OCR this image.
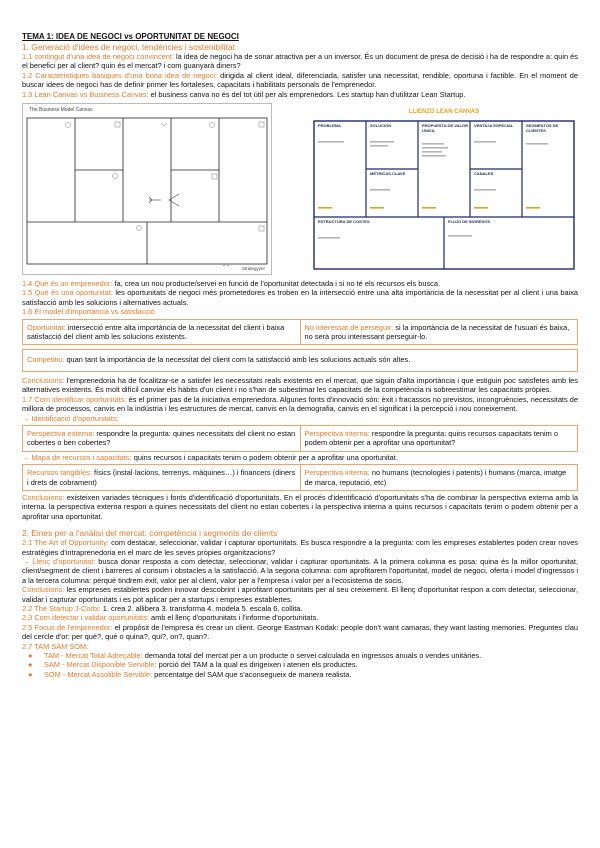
TEMA 1: IDEA DE NEGOCI vs OPORTUNITAT DE NEGOCI
1. Generació d'idees de negoci, tendències i sostenibilitat

1.1 contingut d'una idea de negoci convincent: la idea de negoci ha de sonar atractiva per a un inversor. És un document de presa de decisió i ha de respondre a: quin és el benefici per al client? quin és el mercat? i com guanyarà diners?

1.2 Característiques bàsiques d'una bona idea de negoci: dirigida al client ideal, diferenciada, satisfer una necessitat, rendible, oportuna i factible. En el moment de buscar idees de negoci has de definir primer les fortaleses, capacitats i habilitats personals de l'emprenedor.

1.3 Lean Canvas vs Business Canvas: el business canva no és del tot útil per als emprenedors. Les startup han d'utilitzar Lean Startup.

The Business Model Canvas
Strategyzer
LLIENZO LEAN CANVAS
PROBLEMA	SOLUCIÓN	PROPUESTA DE VALOR ÚNICA
VENTAJA ESPECIAL	SEGMENTOS DE CLIENTES
MÉTRICAS CLAVE	CANALES
ESTRUCTURA DE COSTES	FLUJO DE INGRESOS

1.4 Què és un emprenedor: fa, crea un nou producte/servei en funció de l'oportunitat detectada i si no té els recursos els busca.

1.5 Què és una oportunitat: les oportunitats de negoci més prometedores es troben en la intersecció entre una alta importància de la necessitat per al client i una baixa satisfacció amb les solucions i alternatives actuals.

1.6 El model d'importància vs satisfacció
Oportunitat: intersecció entre alta importància de la necessitat del client i baixa satisfacció del client amb les solucions existents.
No interessat de perseguir: si la importància de la necessitat de l'usuari és baixa, no serà prou interessant perseguir-lo.
Competitiu: quan tant la importància de la necessitat del client com la satisfacció amb les solucions actuals són altes.

Conclusions: l'emprenedoria ha de focalitzar-se a satisfer les necessitats reals existents en el mercat, que siguin d'alta importància i que estiguin poc satisfetes amb les alternatives existents. És molt difícil canviar els hàbits d'un client i no s'han de subestimar les capacitats de la competència ni sobreestimar les capacitats pròpies.

1.7 Com identificar oportunitats: és el primer pas de la iniciativa emprenedora. Algunes fonts d'innovació són: èxit i fracassos no previstos, incongruències, necessitats de millora de processos, canvis en la indústria i les estructures de mercat, canvis en la demografia, canvis en el significat i la percepció i nou coneixement.

→ Identificació d'oportunitats:
Perspectiva externa: respondre la pregunta: quines necessitats del client no estan cobertes o ben cobertes?
Perspectiva interna: respondre la pregunta: quins recursos capacitats tenim o podem obtenir per a aprofitar una oportunitat?
→ Mapa de recursos i capacitats: quins recursos i capacitats tenim o podem obtenir per a aprofitar una oportunitat.
Recursos tangibles: físics (instal·lacions, terrenys, màquines…) i financers (diners i drets de cobrament)
Perspectiva interna: no humans (tecnologies i patents) i humans (marca, imatge de marca, reputació, etc)

Conclusions: existeixen variades tècniques i fonts d'identificació d'oportunitats. En el procés d'identificació d'oportunitats s'ha de combinar la perspectiva externa amb la interna. la perspectiva externa respon a quines necessitats del client no estan cobertes i la perspectiva interna a quins recursos i capacitats tenim o podem obtenir per a aprofitar una oportunitat.

2. Eines per a l'anàlisi del mercat: competència i segments de clients

2.1 The Art of Opportunity: com destacar, seleccionar, validar i capturar oportunitats. Es busca respondre a la pregunta: com les empreses establertes poden crear noves estratègies d'intraprenedoria en el marc de les seves pròpies organitzacions?

→ Llenç d'oportunitat: busca donar resposta a com detectar, seleccionar, validar i capturar oportunitats. A la primera columna es posa: quina és la millor oportunitat, client/segment de client i barreres al consum i obstacles a la satisfacció. A la segona columna: com aprofitarem l'oportunitat, model de negoci, oferta i model d'ingressos i a la tercera columna: perquè tindrem èxit, valor per al client, valor per a l'empresa i valor per a l'ecosistema de socis.

Conclusions: les empreses establertes poden innovar descobrint i aprofitant oportunitats per al seu creixement. El llenç d'oportunitat respon a com detectar, seleccionar, validar i capturar oportunitats i es pot aplicar per a startups i empreses establertes.

2.2 The Startup J-Corbi: 1. crea 2. allibera 3. transforma 4. modela 5. escala 6. collita.

2.3 Com detectar i validar oportunitats: amb el llenç d'oportunitats i l'informe d'oportunitats.

2.5 Focus de l'emprenedor: el propòsit de l'empresa és crear un client. George Eastman Kodak: people don't want camaras, they want lasting memories. Preguntes clau del cercle d'or: per què?, què o quina?, qui?, on?, quan?.

2.7 TAM SAM SOM:
● TAM - Mercat Total Adreçable: demanda total del mercat per a un producte o servei calculada en ingressos anuals o vendes unitàries.
● SAM - Mercat Disponible Servible: porció del TAM a la qual es dirigeixen i atenen els productes.
● SOM - Mercat Assolible Servible: percentatge del SAM que s'aconsegueix de manera realista.
